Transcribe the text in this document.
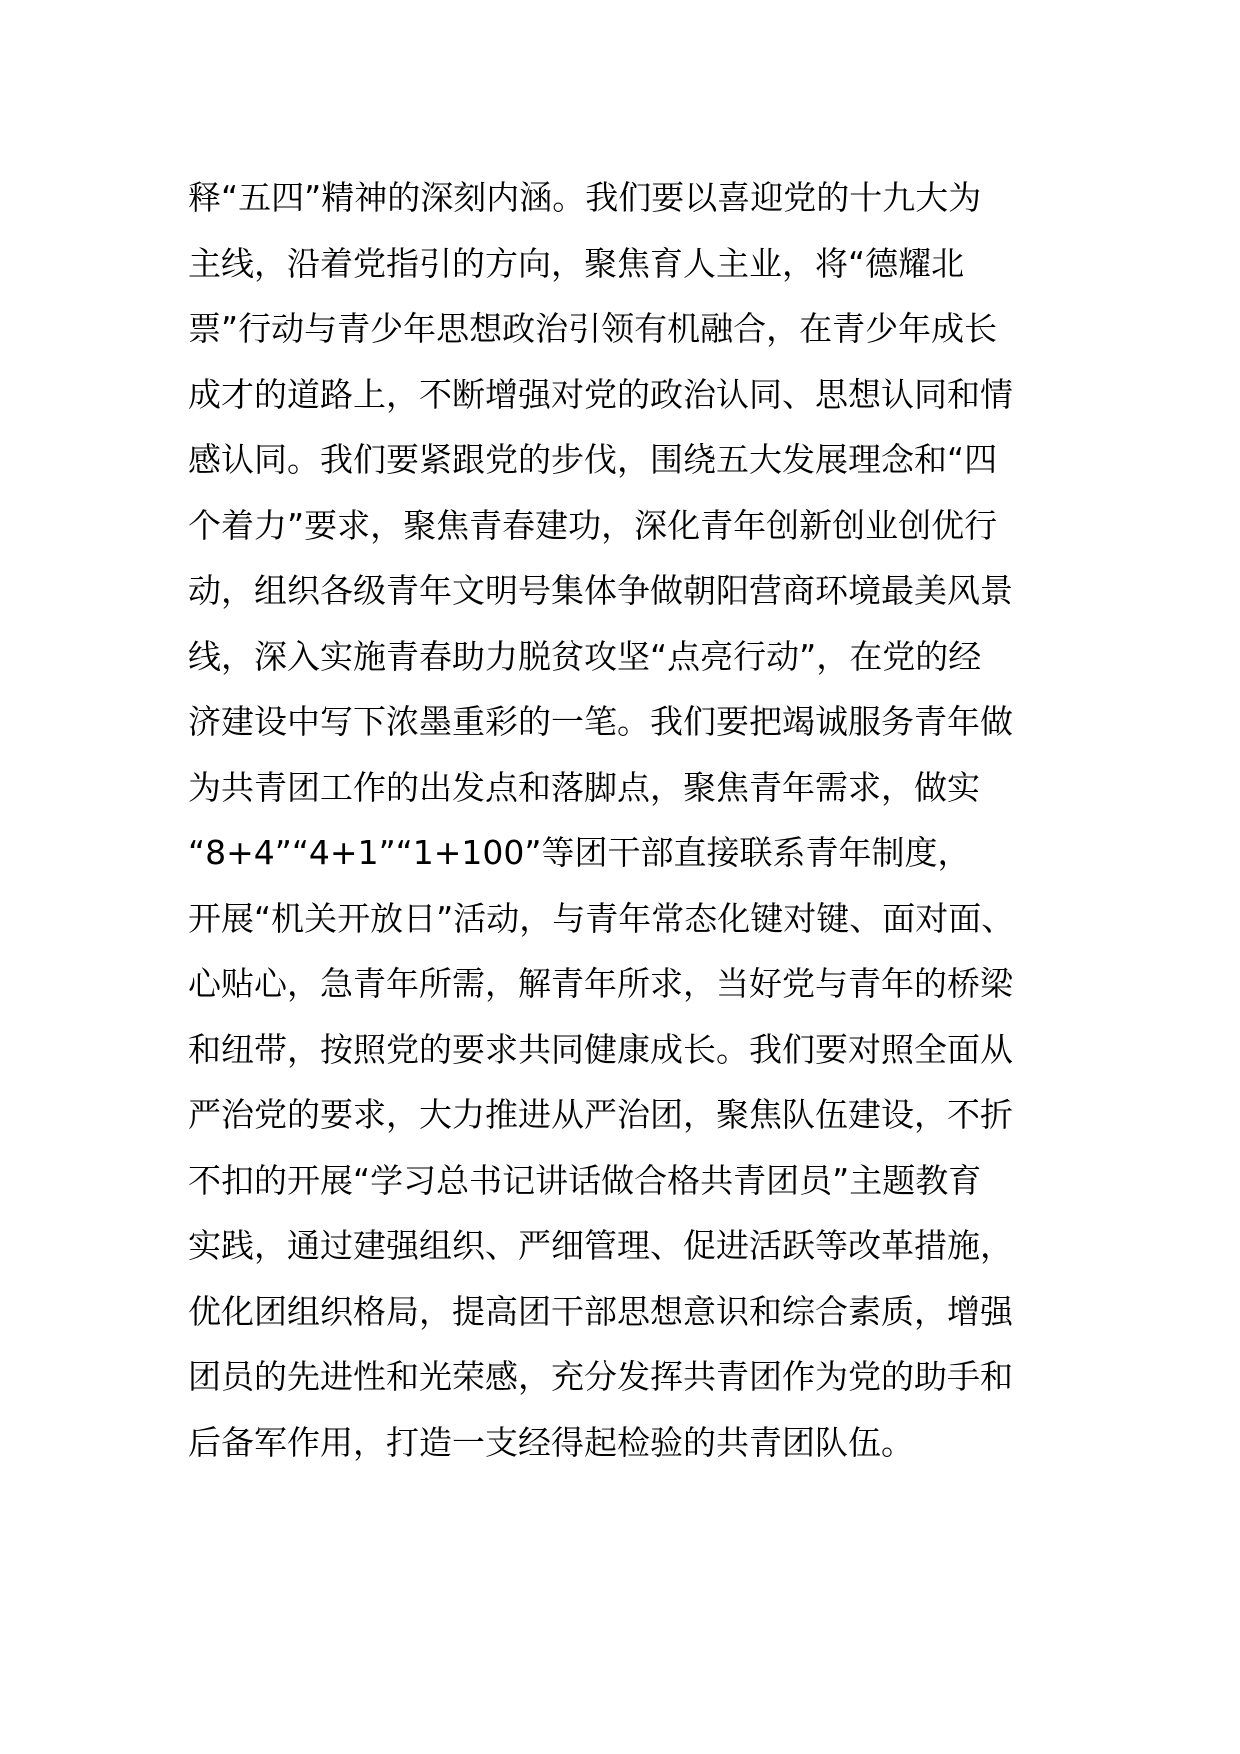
释“五四”精神的深刻内涵。我们要以喜迎党的十九大为
主线，沿着党指引的方向，聚焦育人主业，将“德耀北
票”行动与青少年思想政治引领有机融合，在青少年成长
成才的道路上，不断增强对党的政治认同、思想认同和情
感认同。我们要紧跟党的步伐，围绕五大发展理念和“四
个着力”要求，聚焦青春建功，深化青年创新创业创优行
动，组织各级青年文明号集体争做朝阳营商环境最美风景
线，深入实施青春助力脱贫攻坚“点亮行动”，在党的经
济建设中写下浓墨重彩的一笔。我们要把竭诚服务青年做
为共青团工作的出发点和落脚点，聚焦青年需求，做实
“8+4”“4+1”“1+100”等团干部直接联系青年制度，
开展“机关开放日”活动，与青年常态化键对键、面对面、
心贴心，急青年所需，解青年所求，当好党与青年的桥梁
和纽带，按照党的要求共同健康成长。我们要对照全面从
严治党的要求，大力推进从严治团，聚焦队伍建设，不折
不扣的开展“学习总书记讲话做合格共青团员”主题教育
实践，通过建强组织、严细管理、促进活跃等改革措施，
优化团组织格局，提高团干部思想意识和综合素质，增强
团员的先进性和光荣感，充分发挥共青团作为党的助手和
后备军作用，打造一支经得起检验的共青团队伍。
